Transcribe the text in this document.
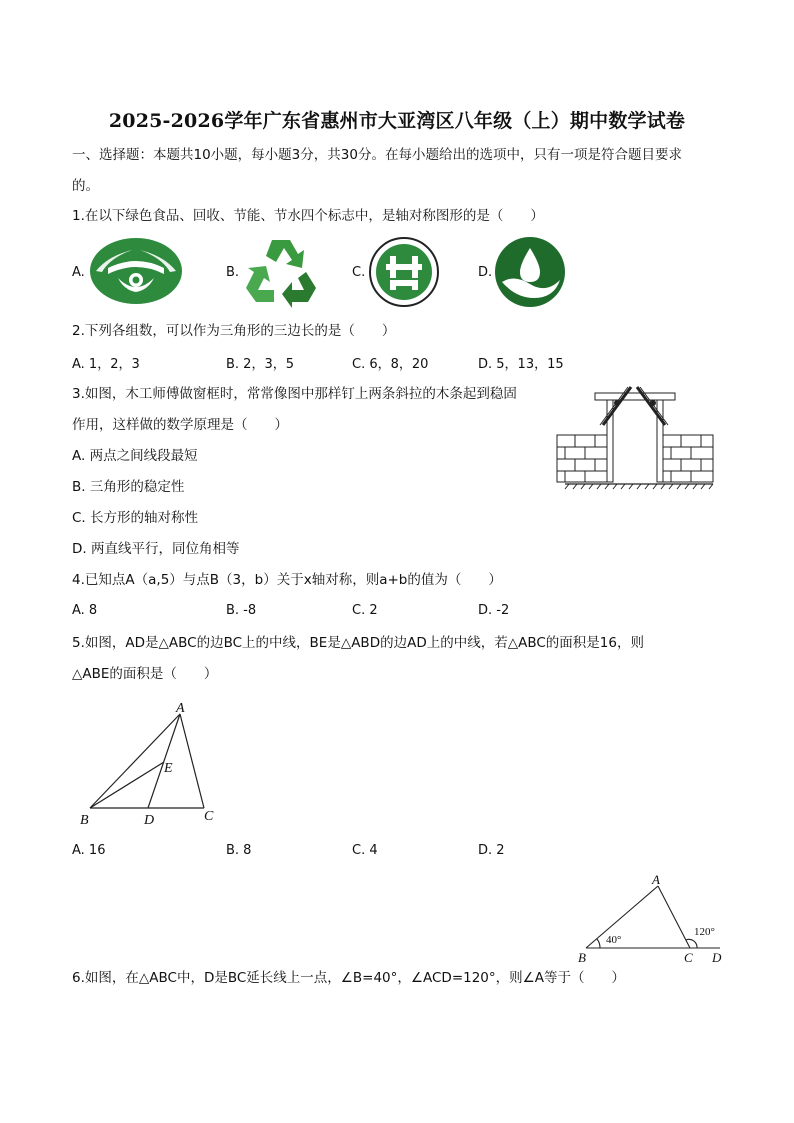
2025-2026学年广东省惠州市大亚湾区八年级（上）期中数学试卷
一、选择题：本题共10小题，每小题3分，共30分。在每小题给出的选项中，只有一项是符合题目要求
的。
1.在以下绿色食品、回收、节能、节水四个标志中，是轴对称图形的是（　　）
A.	B.	C.	D.
2.下列各组数，可以作为三角形的三边长的是（　　）
A. 1，2，3	B. 2，3，5	C. 6，8，20	D. 5，13，15
3.如图，木工师傅做窗框时，常常像图中那样钉上两条斜拉的木条起到稳固
作用，这样做的数学原理是（　　）
A. 两点之间线段最短
B. 三角形的稳定性
C. 长方形的轴对称性
D. 两直线平行，同位角相等
4.已知点A（a,5）与点B（3，b）关于x轴对称，则a+b的值为（　　）
A. 8	B. -8	C. 2	D. -2
5.如图，AD是△ABC的边BC上的中线，BE是△ABD的边AD上的中线，若△ABC的面积是16，则
△ABE的面积是（　　）
A
B	C
D
E
A. 16	B. 8	C. 4	D. 2
A
B	C D
40°
120°
6.如图，在△ABC中，D是BC延长线上一点，∠B=40°，∠ACD=120°，则∠A等于（　　）
